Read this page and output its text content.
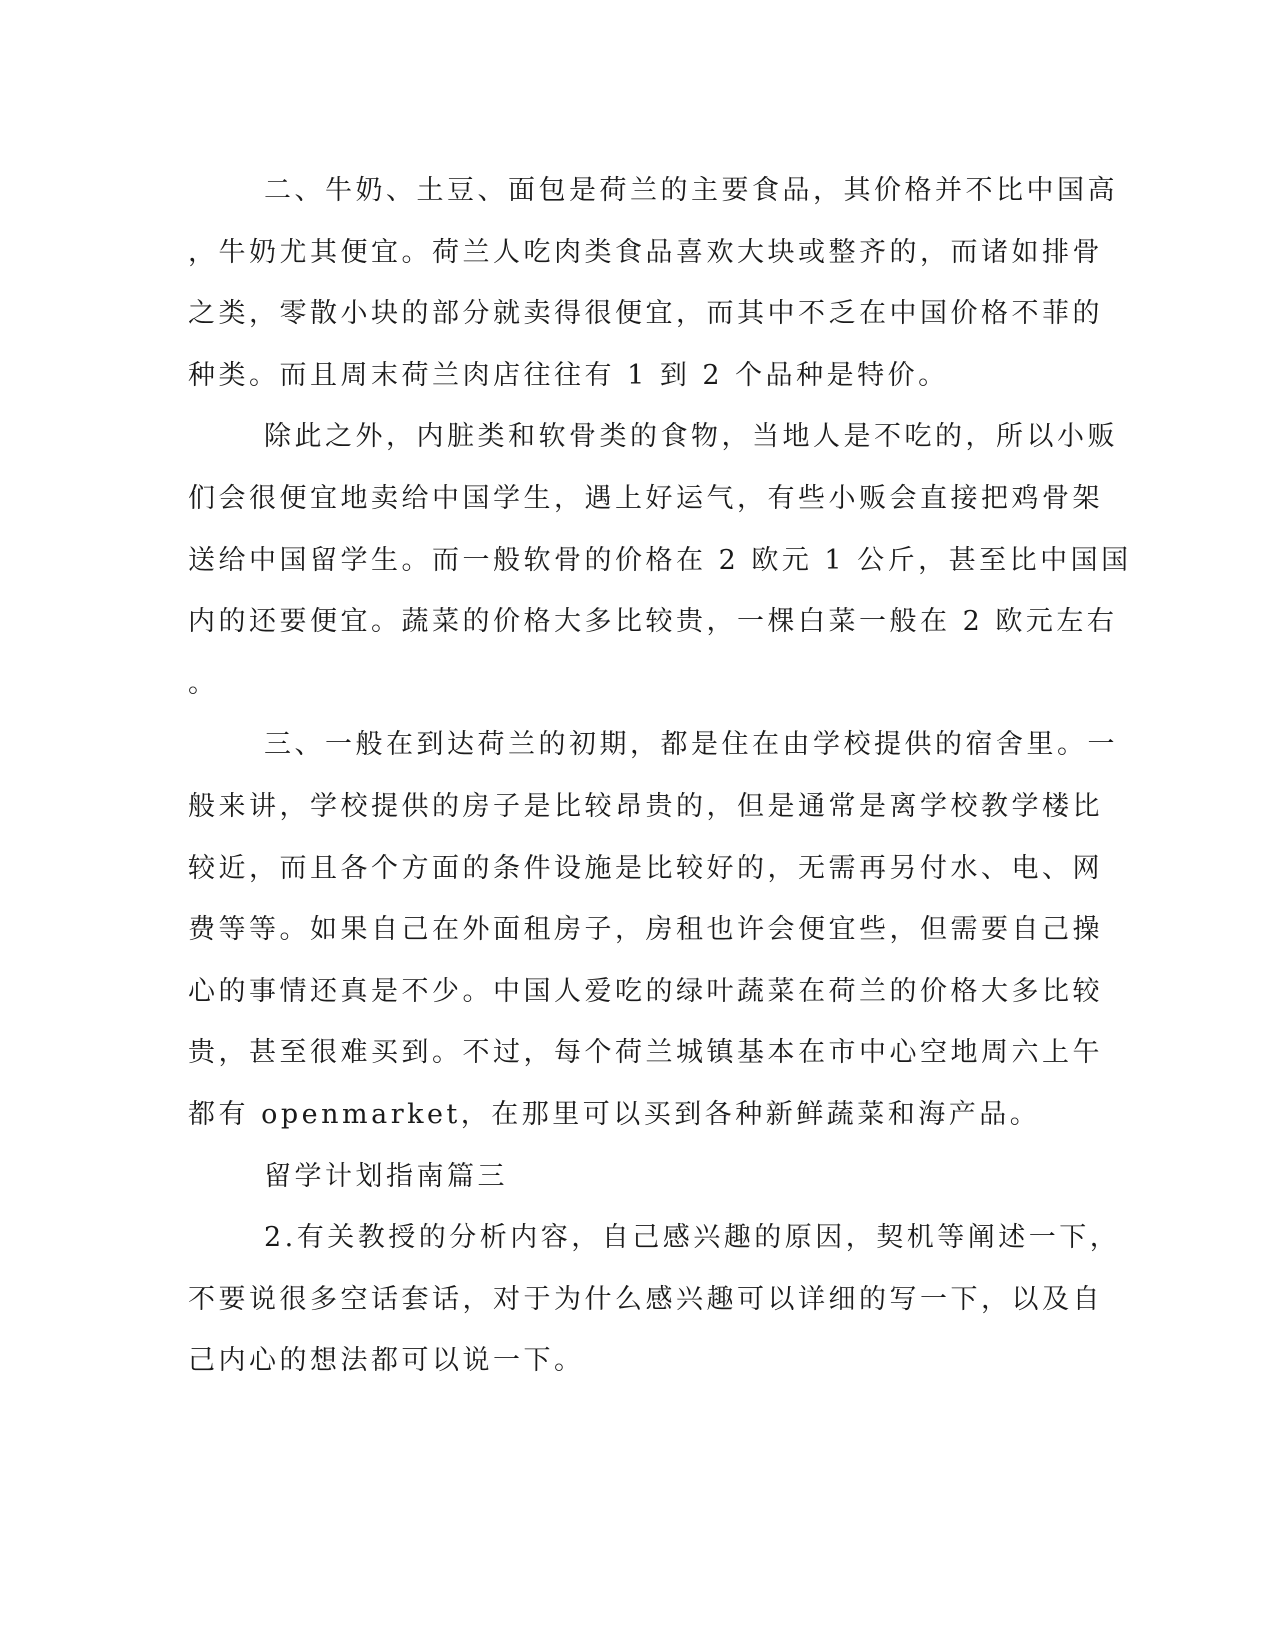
二、牛奶、土豆、面包是荷兰的主要食品，其价格并不比中国高
，牛奶尤其便宜。荷兰人吃肉类食品喜欢大块或整齐的，而诸如排骨
之类，零散小块的部分就卖得很便宜，而其中不乏在中国价格不菲的
种类。而且周末荷兰肉店往往有 1 到 2 个品种是特价。
除此之外，内脏类和软骨类的食物，当地人是不吃的，所以小贩
们会很便宜地卖给中国学生，遇上好运气，有些小贩会直接把鸡骨架
送给中国留学生。而一般软骨的价格在 2 欧元 1 公斤，甚至比中国国
内的还要便宜。蔬菜的价格大多比较贵，一棵白菜一般在 2 欧元左右
。
三、一般在到达荷兰的初期，都是住在由学校提供的宿舍里。一
般来讲，学校提供的房子是比较昂贵的，但是通常是离学校教学楼比
较近，而且各个方面的条件设施是比较好的，无需再另付水、电、网
费等等。如果自己在外面租房子，房租也许会便宜些，但需要自己操
心的事情还真是不少。中国人爱吃的绿叶蔬菜在荷兰的价格大多比较
贵，甚至很难买到。不过，每个荷兰城镇基本在市中心空地周六上午
都有 openmarket，在那里可以买到各种新鲜蔬菜和海产品。
留学计划指南篇三
2.有关教授的分析内容，自己感兴趣的原因，契机等阐述一下，
不要说很多空话套话，对于为什么感兴趣可以详细的写一下，以及自
己内心的想法都可以说一下。
